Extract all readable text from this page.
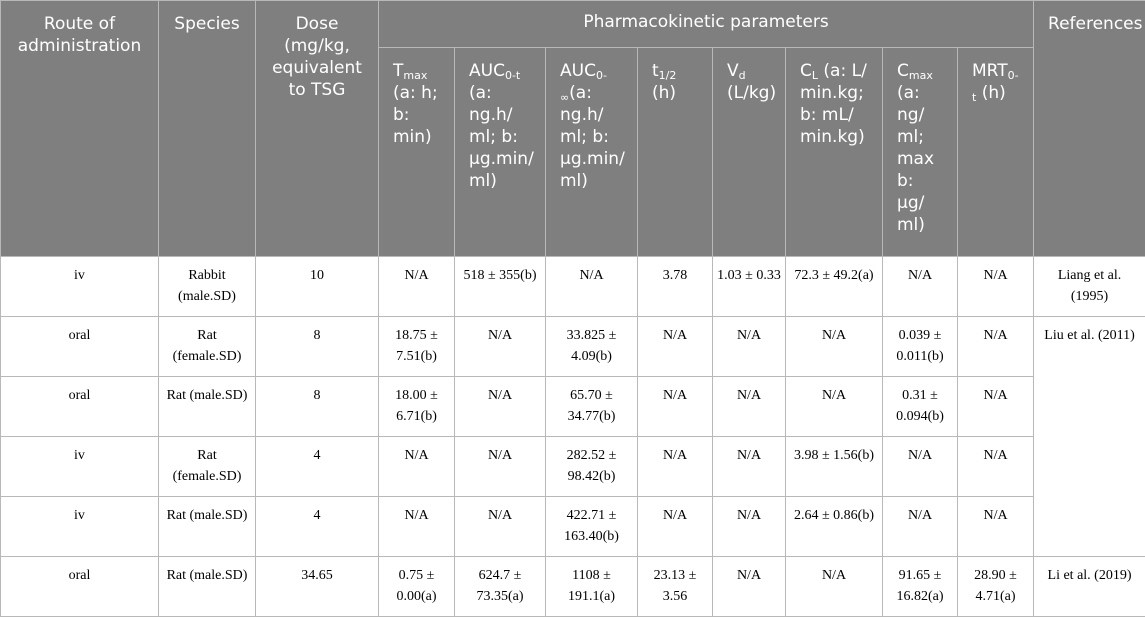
Route of administration	Species	Dose (mg/kg, equivalent to TSG	Pharmacokinetic parameters								References
			$T_{max}$ (a: h; b: min)	$AUC_{0-t}$ (a: ng.h/ ml; b: µg.min/ ml)	$AUC_{0-\infty}(a$: ng.h/ ml; b: µg.min/ ml)	$t_{1/2}$ (h)	$V_d$ (L/kg)	$C_L$ (a: L/ min.kg; b: mL/ min.kg)	$C_{max}$ (a: ng/ ml; max b: µg/ ml)	$MRT_{0-t}$ (h)	
iv	Rabbit (male.SD)	10	N/A	518 ± 355(b)	N/A	3.78	1.03 ± 0.33	72.3 ± 49.2(a)	N/A	N/A	Liang et al. (1995)
oral	Rat (female.SD)	8	18.75 ± 7.51(b)	N/A	33.825 ± 4.09(b)	N/A	N/A	N/A	0.039 ± 0.011(b)	N/A	Liu et al. (2011)
oral	Rat (male.SD)	8	18.00 ± 6.71(b)	N/A	65.70 ± 34.77(b)	N/A	N/A	N/A	0.31 ± 0.094(b)	N/A	
iv	Rat (female.SD)	4	N/A	N/A	282.52 ± 98.42(b)	N/A	N/A	3.98 ± 1.56(b)	N/A	N/A	
iv	Rat (male.SD)	4	N/A	N/A	422.71 ± 163.40(b)	N/A	N/A	2.64 ± 0.86(b)	N/A	N/A	
oral	Rat (male.SD)	34.65	0.75 ± 0.00(a)	624.7 ± 73.35(a)	1108 ± 191.1(a)	23.13 ± 3.56	N/A	N/A	91.65 ± 16.82(a)	28.90 ± 4.71(a)	Li et al. (2019)
